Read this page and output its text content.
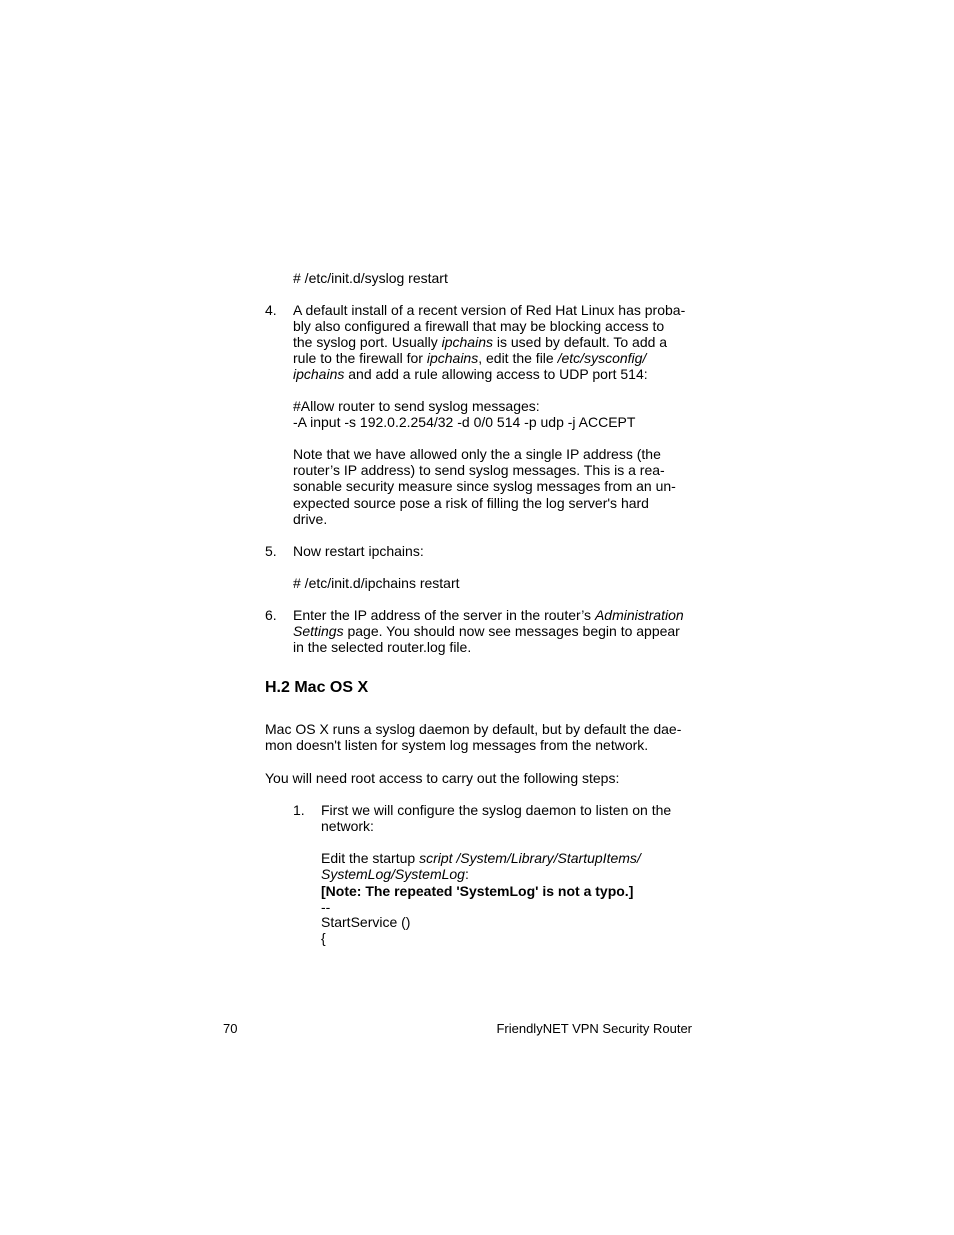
# /etc/init.d/syslog restart
4. A default install of a recent version of Red Hat Linux has proba-
bly also configured a firewall that may be blocking access to
the syslog port. Usually ipchains is used by default. To add a
rule to the firewall for ipchains, edit the file /etc/sysconfig/
ipchains and add a rule allowing access to UDP port 514:
#Allow router to send syslog messages:
-A input -s 192.0.2.254/32 -d 0/0 514 -p udp -j ACCEPT
Note that we have allowed only the a single IP address (the
router’s IP address) to send syslog messages. This is a rea-
sonable security measure since syslog messages from an un-
expected source pose a risk of filling the log server's hard
drive.
5. Now restart ipchains:
# /etc/init.d/ipchains restart
6. Enter the IP address of the server in the router’s Administration
Settings page. You should now see messages begin to appear
in the selected router.log file.
H.2 Mac OS X
Mac OS X runs a syslog daemon by default, but by default the dae-
mon doesn't listen for system log messages from the network.
You will need root access to carry out the following steps:
1. First we will configure the syslog daemon to listen on the
network:
Edit the startup script /System/Library/StartupItems/
SystemLog/SystemLog:
[Note: The repeated 'SystemLog' is not a typo.]
--
StartService ()
{
70	FriendlyNET VPN Security Router
